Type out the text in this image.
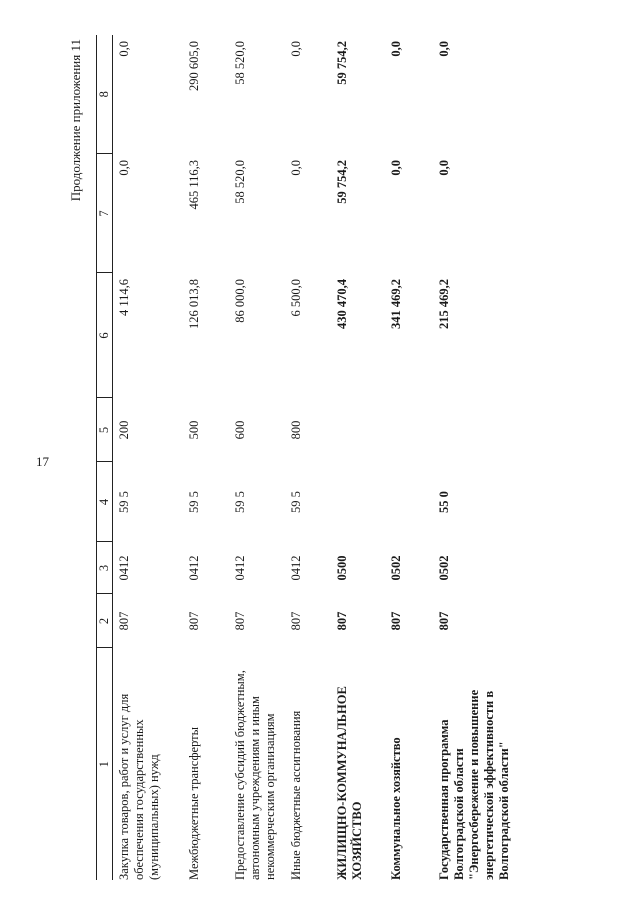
17
Продолжение приложения 11
1	2	3	4	5	6	7	8
Закупка товаров, работ и услуг для обеспечения государственных (муниципальных) нужд	807	0412	59 5	200	4 114,6	0,0	0,0
Межбюджетные трансферты	807	0412	59 5	500	126 013,8	465 116,3	290 605,0
Предоставление субсидий бюджетным, автономным учреждениям и иным некоммерческим организациям	807	0412	59 5	600	86 000,0	58 520,0	58 520,0
Иные бюджетные ассигнования	807	0412	59 5	800	6 500,0	0,0	0,0
ЖИЛИЩНО-КОММУНАЛЬНОЕ ХОЗЯЙСТВО	807	0500			430 470,4	59 754,2	59 754,2
Коммунальное хозяйство	807	0502			341 469,2	0,0	0,0
Государственная программа Волгоградской области "Энергосбережение и повышение энергетической эффективности в Волгоградской области"	807	0502	55 0		215 469,2	0,0	0,0
